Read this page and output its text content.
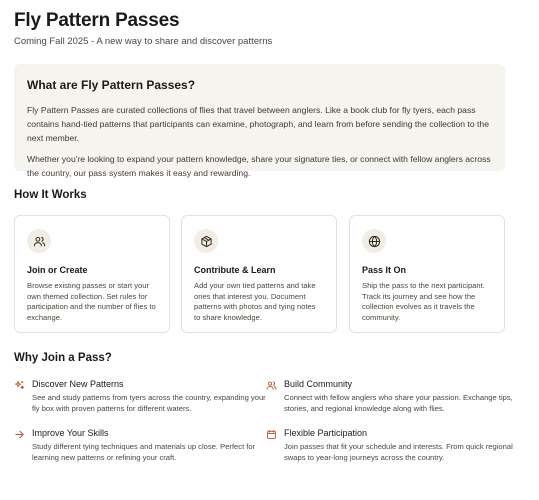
Fly Pattern Passes

Coming Fall 2025 - A new way to share and discover patterns

What are Fly Pattern Passes?

Fly Pattern Passes are curated collections of flies that travel between anglers. Like a book club for fly tyers, each pass contains hand-tied patterns that participants can examine, photograph, and learn from before sending the collection to the next member.

Whether you're looking to expand your pattern knowledge, share your signature ties, or connect with fellow anglers across the country, our pass system makes it easy and rewarding.

How It Works
Join or Create

Browse existing passes or start your own themed collection. Set rules for participation and the number of flies to exchange.

Contribute & Learn

Add your own tied patterns and take ones that interest you. Document patterns with photos and tying notes to share knowledge.

Pass It On

Ship the pass to the next participant. Track its journey and see how the collection evolves as it travels the community.

Why Join a Pass?
Discover New Patterns

See and study patterns from tyers across the country, expanding your fly box with proven patterns for different waters.

Build Community

Connect with fellow anglers who share your passion. Exchange tips, stories, and regional knowledge along with flies.

Improve Your Skills

Study different tying techniques and materials up close. Perfect for learning new patterns or refining your craft.

Flexible Participation

Join passes that fit your schedule and interests. From quick regional swaps to year-long journeys across the country.
